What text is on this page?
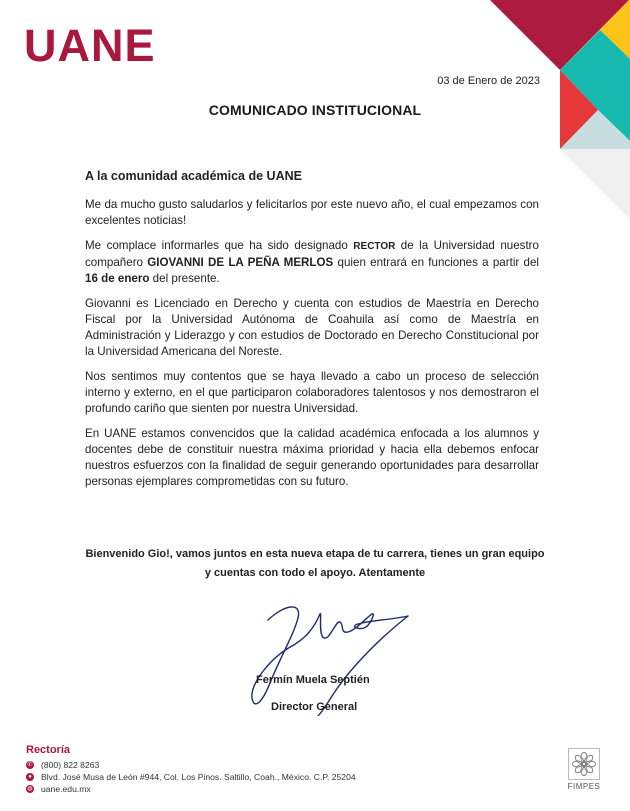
UANE
03 de Enero de 2023
COMUNICADO INSTITUCIONAL

A la comunidad académica de UANE

Me da mucho gusto saludarlos y felicitarlos por este nuevo año, el cual empezamos con excelentes noticias!

Me complace informarles que ha sido designado RECTOR de la Universidad nuestro compañero GIOVANNI DE LA PEÑA MERLOS quien entrará en funciones a partir del 16 de enero del presente.

Giovanni es Licenciado en Derecho y cuenta con estudios de Maestría en Derecho Fiscal por la Universidad Autónoma de Coahuila así como de Maestría en Administración y Liderazgo y con estudios de Doctorado en Derecho Constitucional por la Universidad Americana del Noreste.

Nos sentimos muy contentos que se haya llevado a cabo un proceso de selección interno y externo, en el que participaron colaboradores talentosos y nos demostraron el profundo cariño que sienten por nuestra Universidad.

En UANE estamos convencidos que la calidad académica enfocada a los alumnos y docentes debe de constituir nuestra máxima prioridad y hacia ella debemos enfocar nuestros esfuerzos con la finalidad de seguir generando oportunidades para desarrollar personas ejemplares comprometidas con su futuro.

Bienvenido Gio!, vamos juntos en esta nueva etapa de tu carrera, tienes un gran equipo
y cuentas con todo el apoyo. Atentamente
Fermín Muela Septién
Director General
Rectoría
✆ (800) 822 8263
● Blvd. José Musa de León #944, Col. Los Pinos. Saltillo, Coah., México. C.P. 25204
◍ uane.edu.mx	FIMPES
